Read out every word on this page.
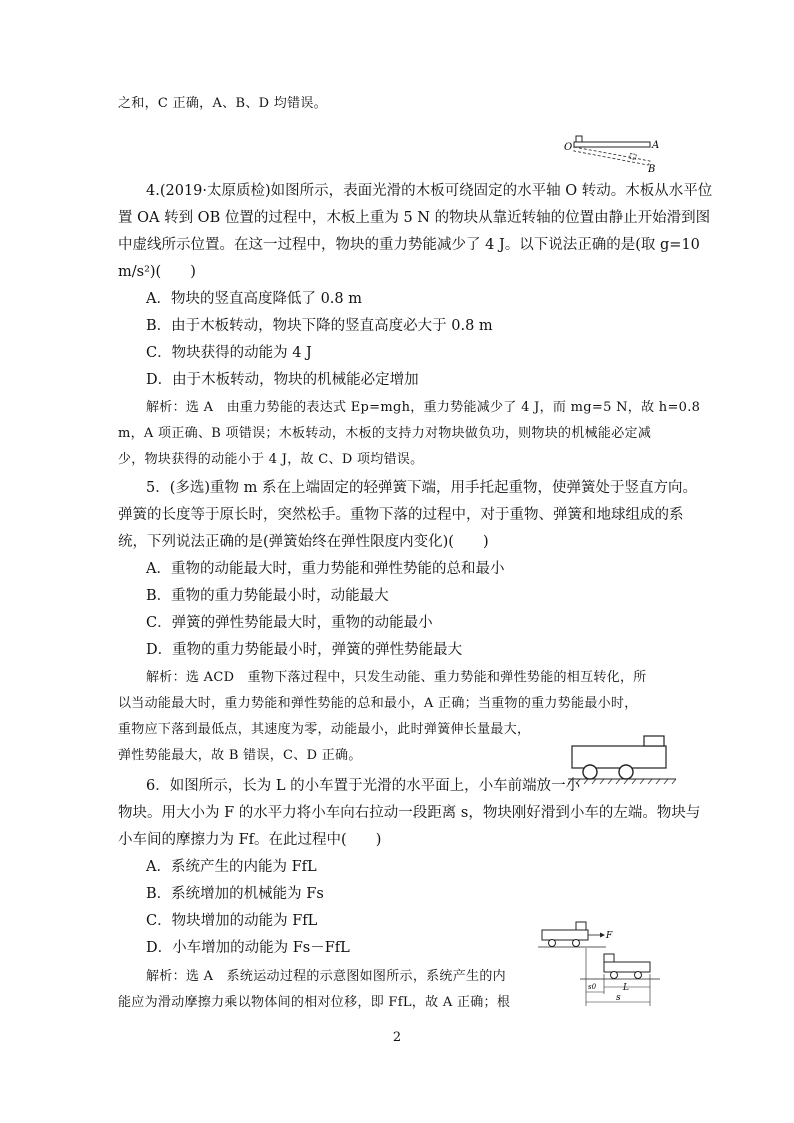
之和，C 正确，A、B、D 均错误。
O	A
B
4.(2019·太原质检)如图所示，表面光滑的木板可绕固定的水平轴 O 转动。木板从水平位
置 OA 转到 OB 位置的过程中，木板上重为 5 N 的物块从靠近转轴的位置由静止开始滑到图
中虚线所示位置。在这一过程中，物块的重力势能减少了 4 J。以下说法正确的是(取 g=10
m/s²)(　　)
A．物块的竖直高度降低了 0.8 m
B．由于木板转动，物块下降的竖直高度必大于 0.8 m
C．物块获得的动能为 4 J
D．由于木板转动，物块的机械能必定增加
解析：选 A　由重力势能的表达式 Ep=mgh，重力势能减少了 4 J，而 mg=5 N，故 h=0.8
m，A 项正确、B 项错误；木板转动，木板的支持力对物块做负功，则物块的机械能必定减
少，物块获得的动能小于 4 J，故 C、D 项均错误。
5．(多选)重物 m 系在上端固定的轻弹簧下端，用手托起重物，使弹簧处于竖直方向。
弹簧的长度等于原长时，突然松手。重物下落的过程中，对于重物、弹簧和地球组成的系
统，下列说法正确的是(弹簧始终在弹性限度内变化)(　　)
A．重物的动能最大时，重力势能和弹性势能的总和最小
B．重物的重力势能最小时，动能最大
C．弹簧的弹性势能最大时，重物的动能最小
D．重物的重力势能最小时，弹簧的弹性势能最大
解析：选 ACD　重物下落过程中，只发生动能、重力势能和弹性势能的相互转化，所
以当动能最大时，重力势能和弹性势能的总和最小，A 正确；当重物的重力势能最小时，
重物应下落到最低点，其速度为零，动能最小，此时弹簧伸长量最大，
弹性势能最大，故 B 错误，C、D 正确。
6．如图所示，长为 L 的小车置于光滑的水平面上，小车前端放一小
物块。用大小为 F 的水平力将小车向右拉动一段距离 s，物块刚好滑到小车的左端。物块与
小车间的摩擦力为 Ff。在此过程中(　　)
A．系统产生的内能为 FfL
B．系统增加的机械能为 Fs
C．物块增加的动能为 FfL
D．小车增加的动能为 Fs－FfL
解析：选 A　系统运动过程的示意图如图所示，系统产生的内
能应为滑动摩擦力乘以物体间的相对位移，即 FfL，故 A 正确；根
F
L
s0
s
2
